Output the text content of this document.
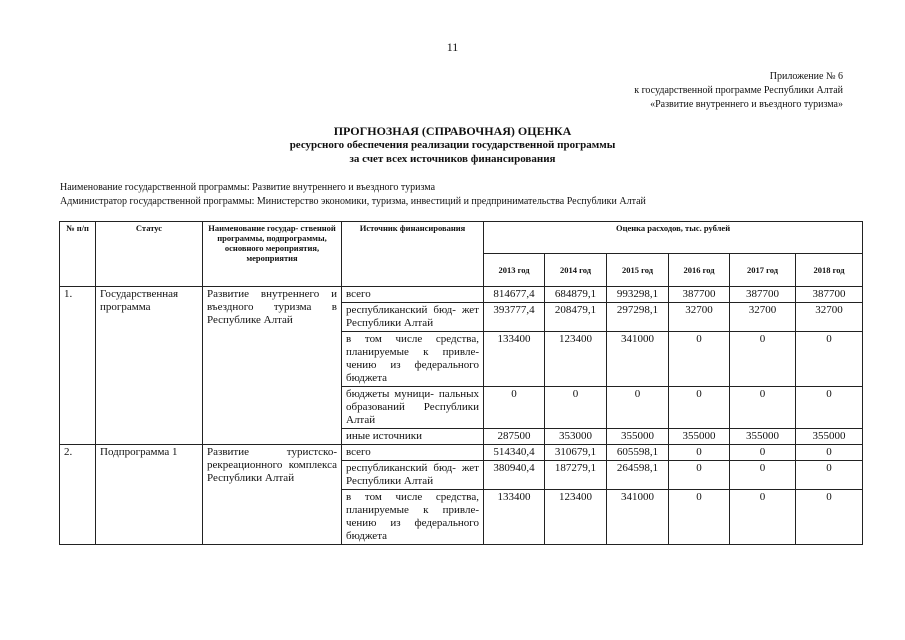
11
Приложение № 6
к государственной программе Республики Алтай
«Развитие внутреннего и въездного туризма»
ПРОГНОЗНАЯ (СПРАВОЧНАЯ) ОЦЕНКА
ресурсного обеспечения реализации государственной программы
за счет всех источников финансирования
Наименование государственной программы: Развитие внутреннего и въездного туризма
Администратор государственной программы: Министерство экономики, туризма, инвестиций и предпринимательства Республики Алтай
№ п/п	Статус	Наименование государ- ственной программы, подпрограммы, основного мероприятия, мероприятия	Источник финансирования	Оценка расходов, тыс. рублей					
				2013 год	2014 год	2015 год	2016 год	2017 год	2018 год
1.	Государственная программа	Развитие внутреннего и въездного туризма в Республике Алтай	всего	814677,4	684879,1	993298,1	387700	387700	387700
			республиканский бюд- жет Республики Алтай	393777,4	208479,1	297298,1	32700	32700	32700
			в том числе средства, планируемые к привле- чению из федерального бюджета	133400	123400	341000	0	0	0
			бюджеты муници- пальных образований Республики Алтай	0	0	0	0	0	0
			иные источники	287500	353000	355000	355000	355000	355000
2.	Подпрограмма 1	Развитие туристско- рекреационного комплекса Республики Алтай	всего	514340,4	310679,1	605598,1	0	0	0
			республиканский бюд- жет Республики Алтай	380940,4	187279,1	264598,1	0	0	0
			в том числе средства, планируемые к привле- чению из федерального бюджета	133400	123400	341000	0	0	0
